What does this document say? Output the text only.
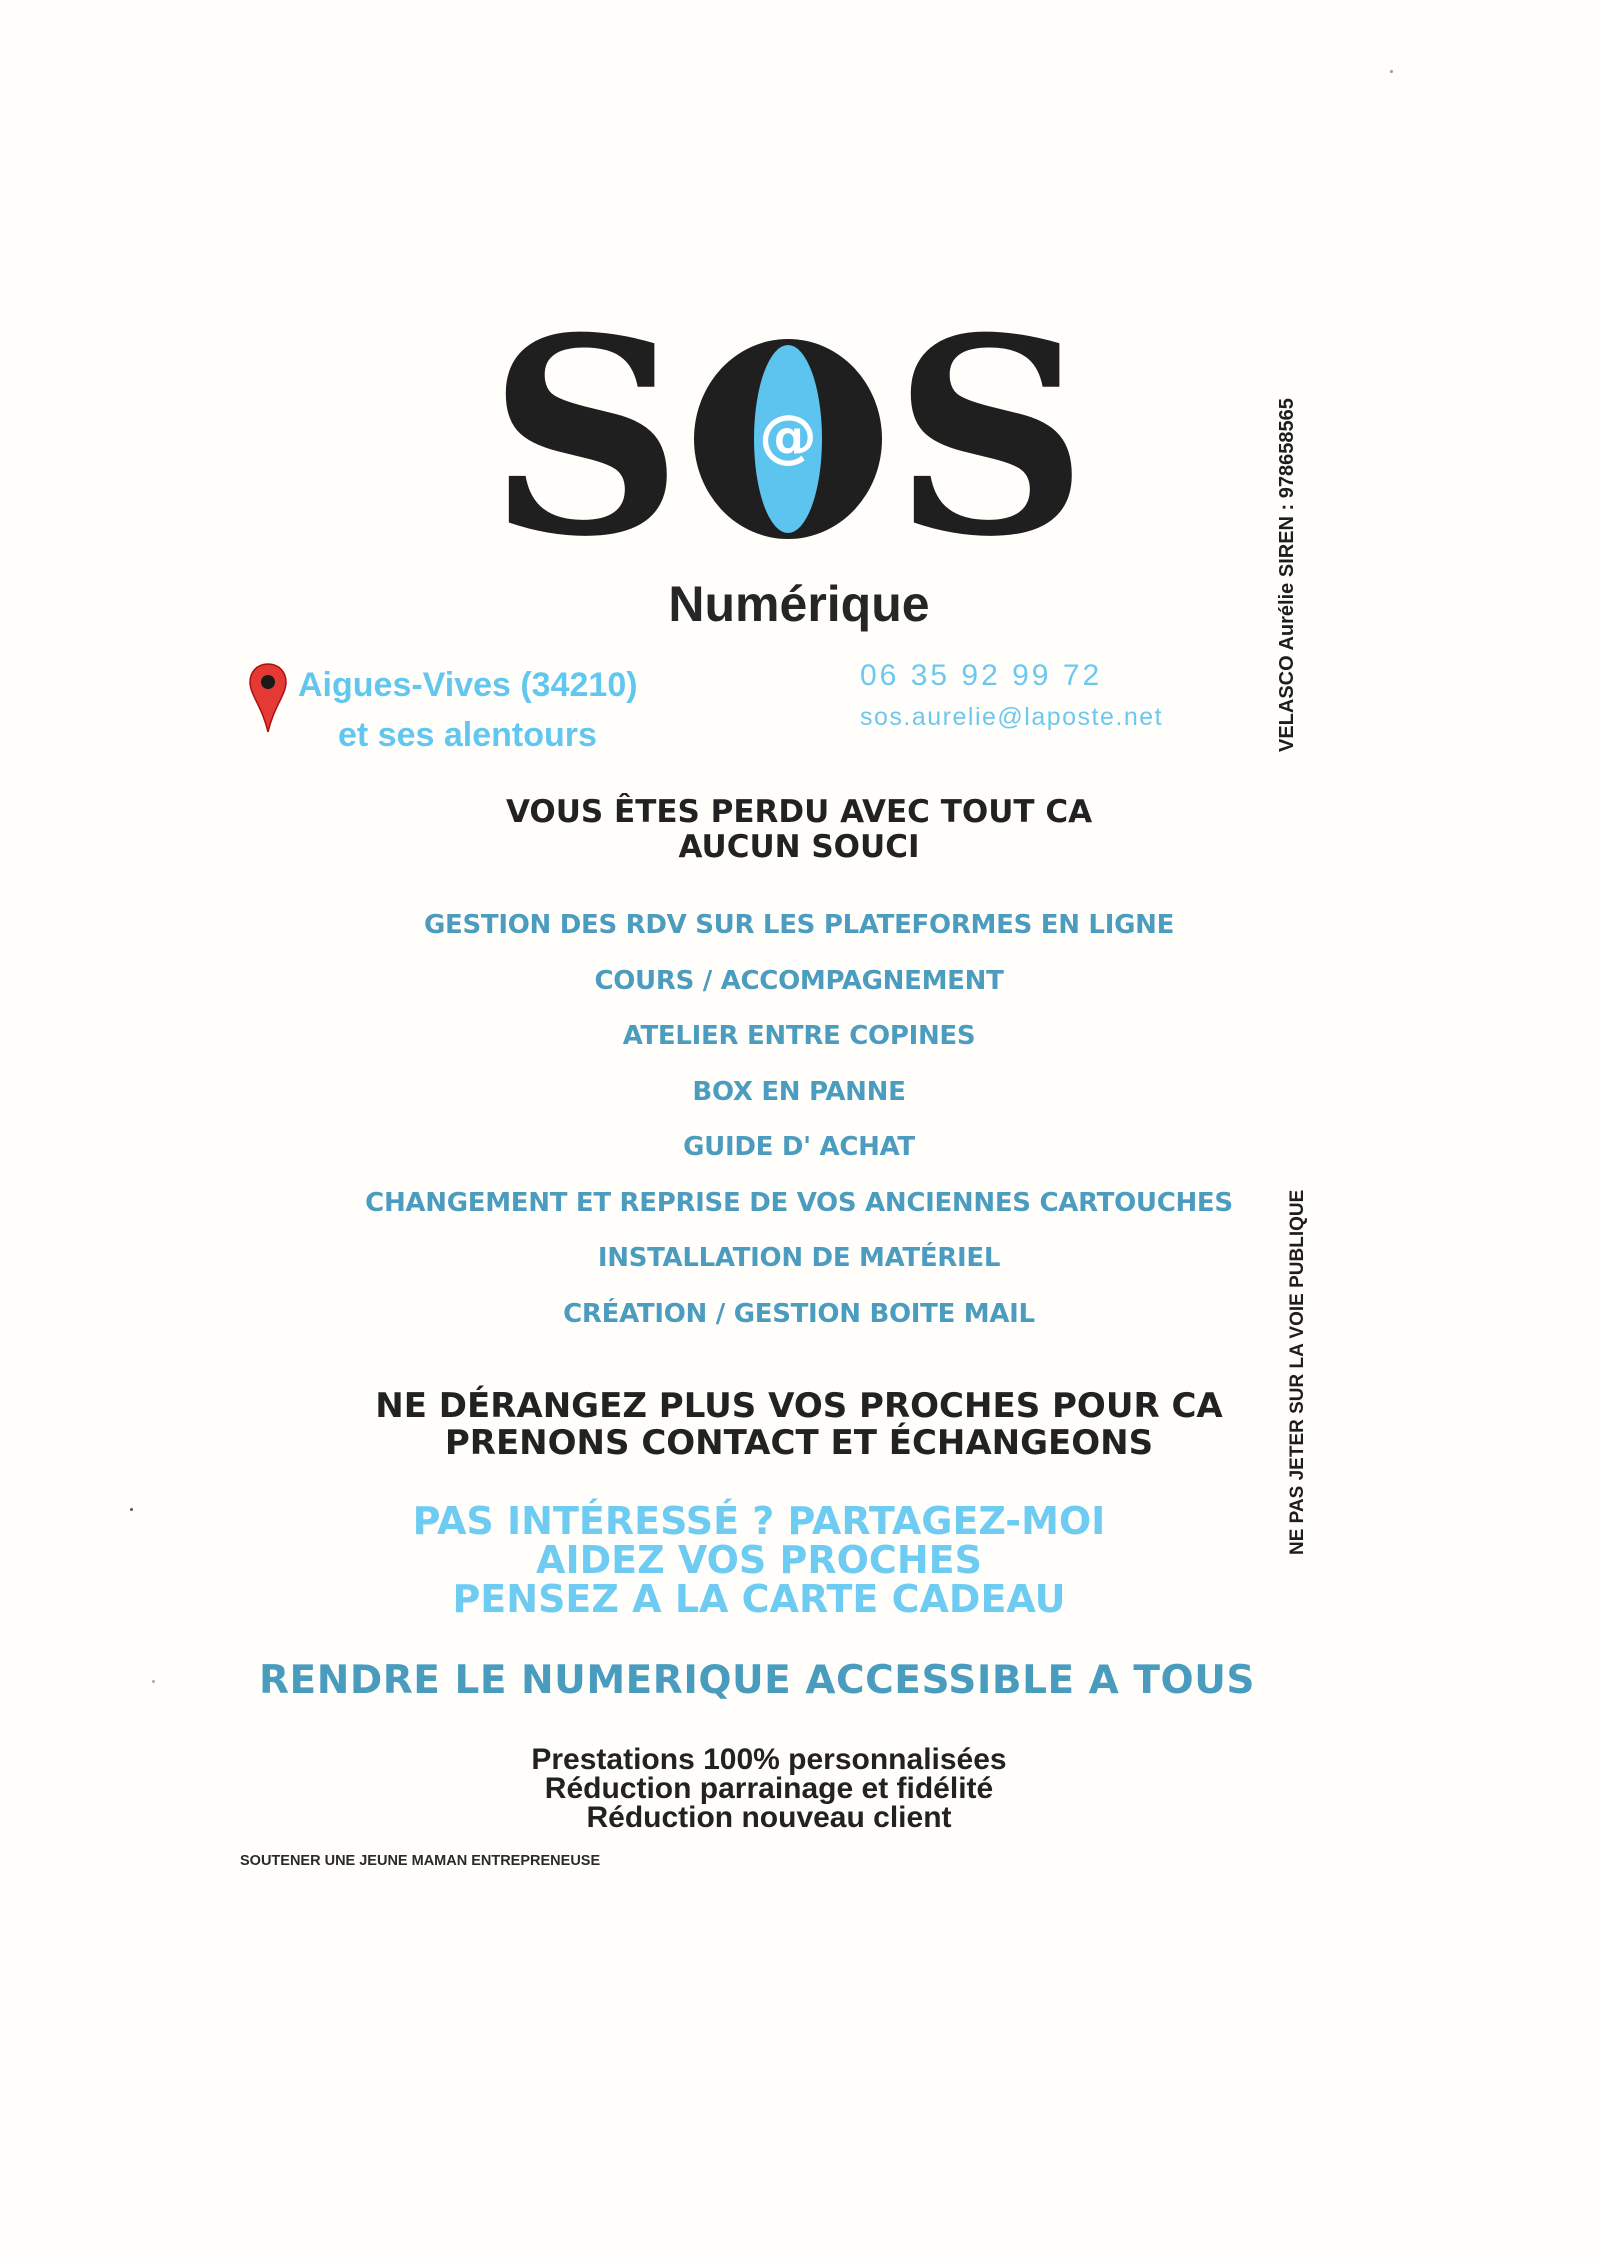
S @ S
Numérique
Aigues-Vives (34210)
et ses alentours
06 35 92 99 72
sos.aurelie@laposte.net	VELASCO Aurélie SIREN : 978658565
NE PAS JETER SUR LA VOIE PUBLIQUE
VOUS ÊTES PERDU AVEC TOUT CA
AUCUN SOUCI
GESTION DES RDV SUR LES PLATEFORMES EN LIGNE
COURS / ACCOMPAGNEMENT
ATELIER ENTRE COPINES
BOX EN PANNE
GUIDE D' ACHAT
CHANGEMENT ET REPRISE DE VOS ANCIENNES CARTOUCHES
INSTALLATION DE MATÉRIEL
CRÉATION / GESTION BOITE MAIL
NE DÉRANGEZ PLUS VOS PROCHES POUR CA
PRENONS CONTACT ET ÉCHANGEONS
PAS INTÉRESSÉ ? PARTAGEZ-MOI
AIDEZ VOS PROCHES
PENSEZ A LA CARTE CADEAU
RENDRE LE NUMERIQUE ACCESSIBLE A TOUS
Prestations 100% personnalisées
Réduction parrainage et fidélité
Réduction nouveau client
SOUTENER UNE JEUNE MAMAN ENTREPRENEUSE
